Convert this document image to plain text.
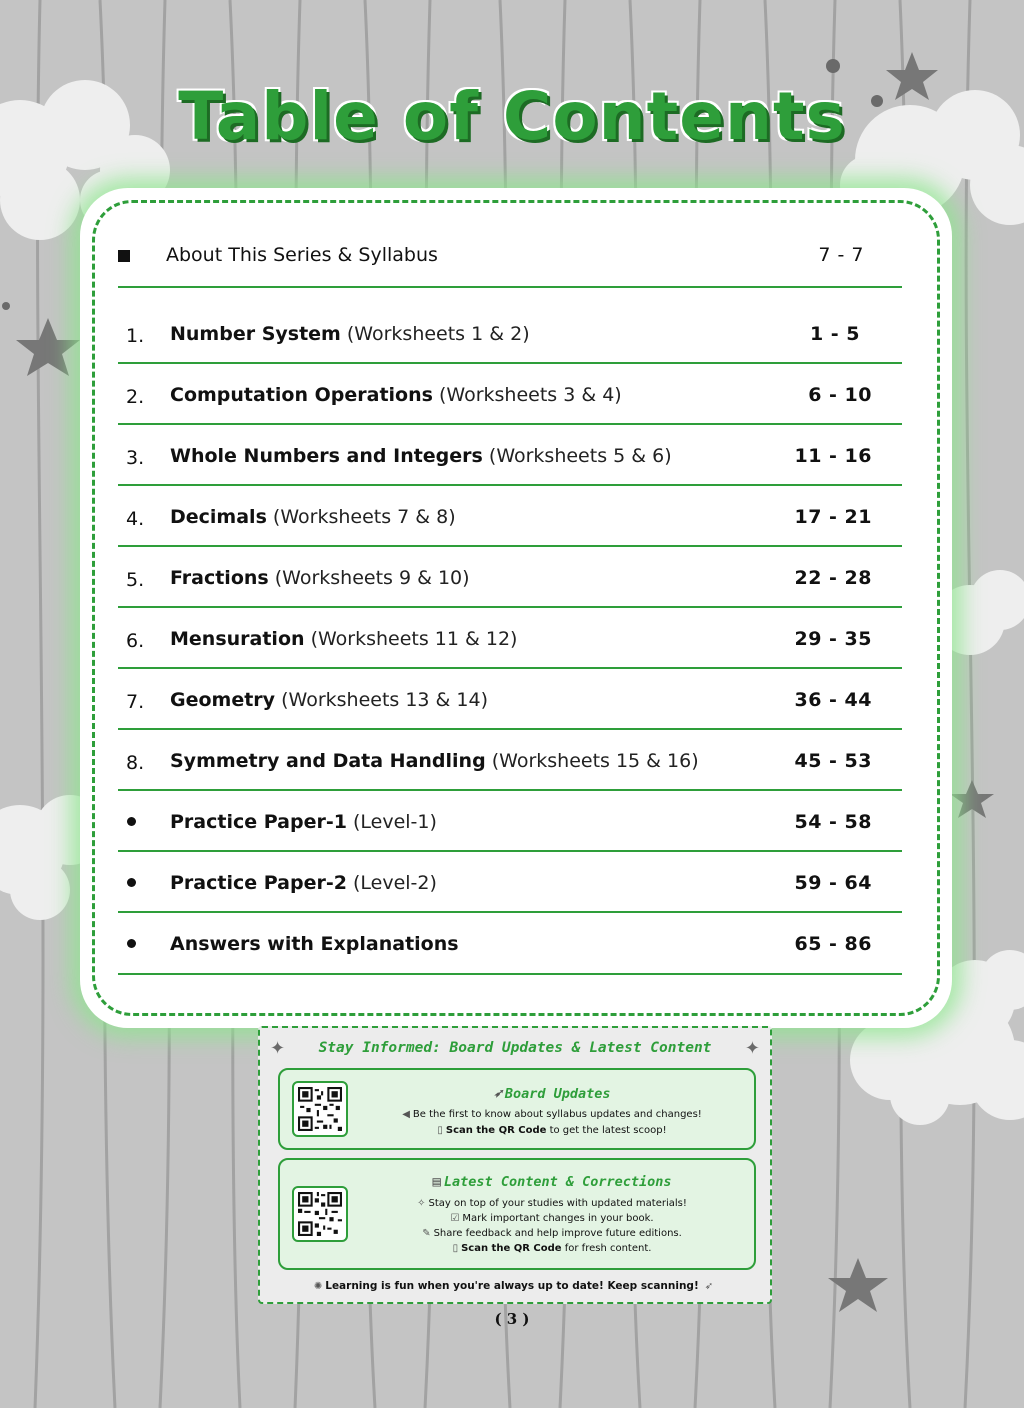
Table of Contents
About This Series & Syllabus	7 - 7
1. Number System (Worksheets 1 & 2)	1 - 5
2. Computation Operations (Worksheets 3 & 4)	6 - 10
3. Whole Numbers and Integers (Worksheets 5 & 6)	11 - 16
4. Decimals (Worksheets 7 & 8)	17 - 21
5. Fractions (Worksheets 9 & 10)	22 - 28
6. Mensuration (Worksheets 11 & 12)	29 - 35
7. Geometry (Worksheets 13 & 14)	36 - 44
8. Symmetry and Data Handling (Worksheets 15 & 16)	45 - 53
Practice Paper-1 (Level-1)	54 - 58
Practice Paper-2 (Level-2)	59 - 64
Answers with Explanations	65 - 86
✦	✦
Stay Informed: Board Updates & Latest Content
➶ Board Updates
◀ Be the first to know about syllabus updates and changes!
▯ Scan the QR Code to get the latest scoop!
▤ Latest Content & Corrections
✧ Stay on top of your studies with updated materials!
☑ Mark important changes in your book.
✎ Share feedback and help improve future editions.
▯ Scan the QR Code for fresh content.
✺ Learning is fun when you're always up to date! Keep scanning! ➶
( 3 )
